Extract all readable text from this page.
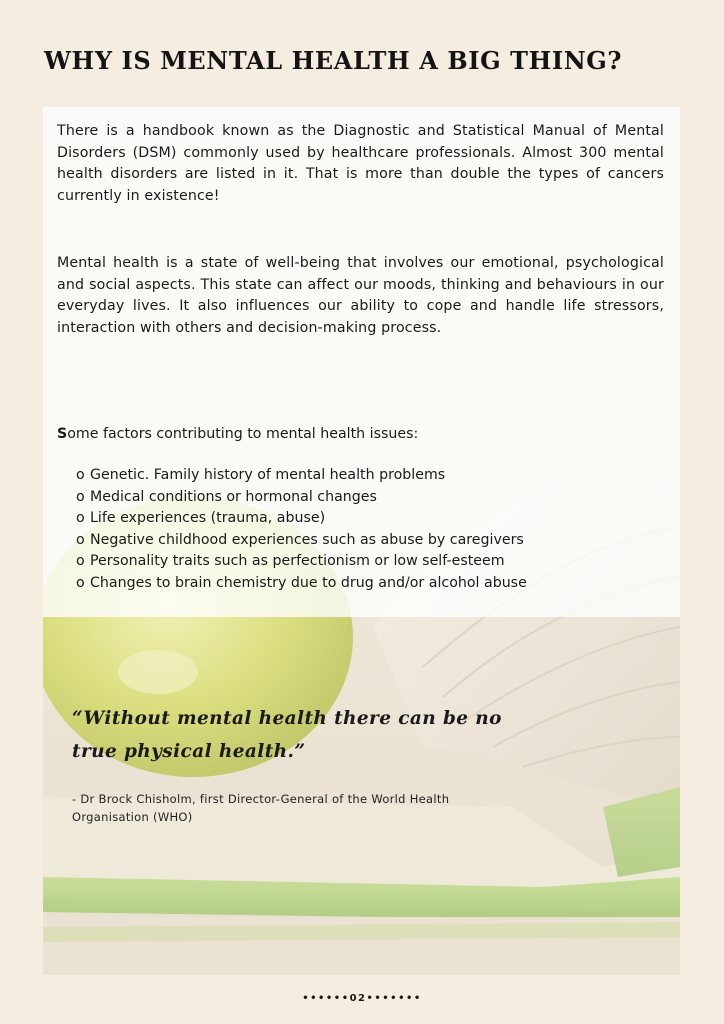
WHY IS MENTAL HEALTH A BIG THING?

There is a handbook known as the Diagnostic and Statistical Manual of Mental Disorders (DSM) commonly used by healthcare professionals. Almost 300 mental health disorders are listed in it. That is more than double the types of cancers currently in existence!

Mental health is a state of well-being that involves our emotional, psychological and social aspects. This state can affect our moods, thinking and behaviours in our everyday lives. It also influences our ability to cope and handle life stressors, interaction with others and decision-making process.

Some factors contributing to mental health issues:
o Genetic. Family history of mental health problems
o Medical conditions or hormonal changes
o Life experiences (trauma, abuse)
o Negative childhood experiences such as abuse by caregivers
o Personality traits such as perfectionism or low self-esteem
o Changes to brain chemistry due to drug and/or alcohol abuse
“Without mental health there can be no true physical health.”
- Dr Brock Chisholm, first Director-General of the World Health Organisation (WHO)
••••••02•••••••
